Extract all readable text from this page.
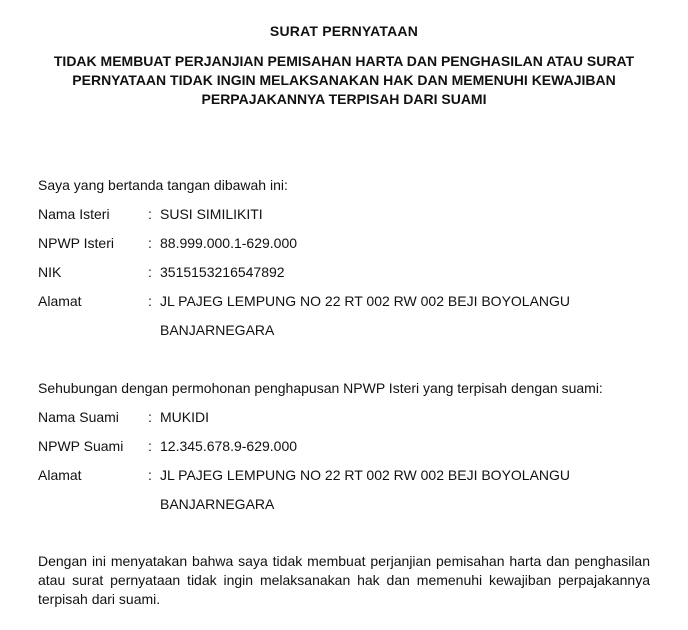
SURAT PERNYATAAN
TIDAK MEMBUAT PERJANJIAN PEMISAHAN HARTA DAN PENGHASILAN ATAU SURAT PERNYATAAN TIDAK INGIN MELAKSANAKAN HAK DAN MEMENUHI KEWAJIBAN PERPAJAKANNYA TERPISAH DARI SUAMI
Saya yang bertanda tangan dibawah ini:
Nama Isteri	: SUSI SIMILIKITI
NPWP Isteri : 88.999.000.1-629.000
NIK	: 3515153216547892
Alamat	: JL PAJEG LEMPUNG NO 22 RT 002 RW 002 BEJI BOYOLANGU
BANJARNEGARA
Sehubungan dengan permohonan penghapusan NPWP Isteri yang terpisah dengan suami:
Nama Suami : MUKIDI
NPWP Suami : 12.345.678.9-629.000
Alamat	: JL PAJEG LEMPUNG NO 22 RT 002 RW 002 BEJI BOYOLANGU
BANJARNEGARA
Dengan ini menyatakan bahwa saya tidak membuat perjanjian pemisahan harta dan penghasilan atau surat pernyataan tidak ingin melaksanakan hak dan memenuhi kewajiban perpajakannya terpisah dari suami.
